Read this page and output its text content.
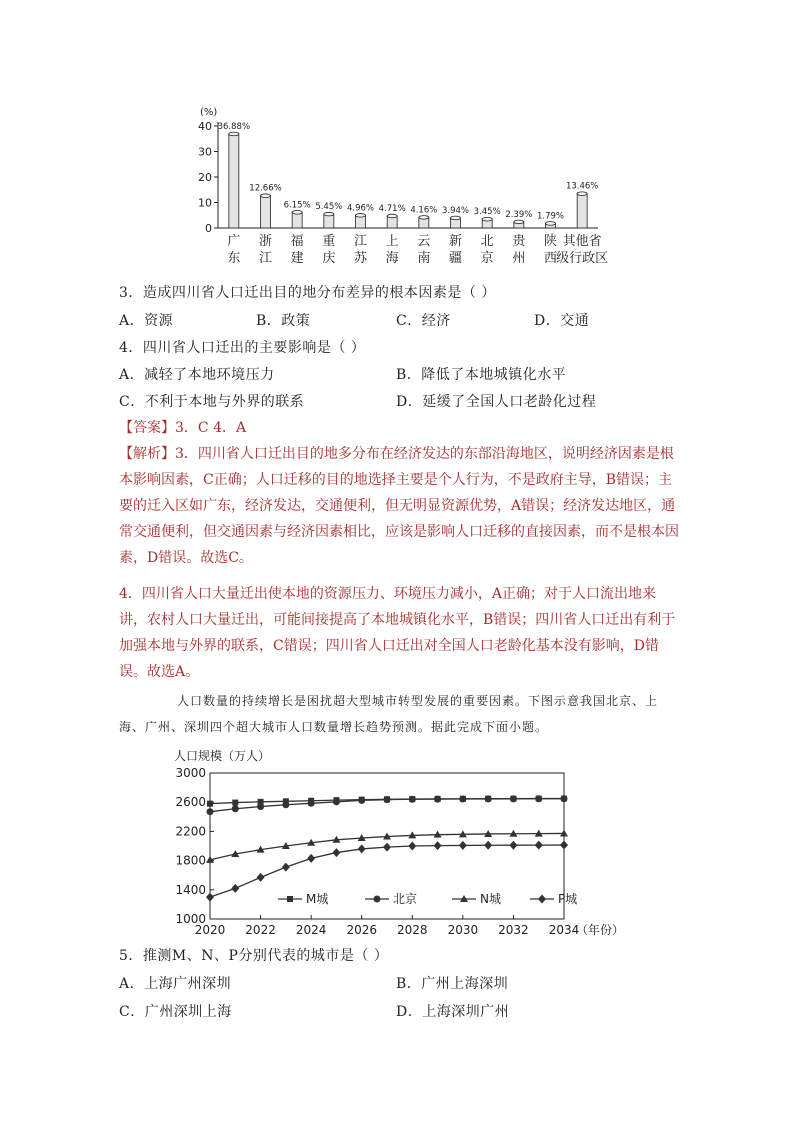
(%)
40
30
20
10
0
36.88%
广
东
12.66%
浙
江
6.15%
福
建
5.45%
重
庆
4.96%
江
苏
4.71%
上
海
4.16%
云
南
3.94%
新
疆
3.45%
北
京
2.39%
贵
州
1.79%
陕
西
13.46%
其他省
级行政区
3．造成四川省人口迁出目的地分布差异的根本因素是（ ）
A．资源	B．政策	C．经济	D．交通
4．四川省人口迁出的主要影响是（ ）
A．减轻了本地环境压力	B．降低了本地城镇化水平
C．不利于本地与外界的联系	D．延缓了全国人口老龄化过程
【答案】3．C 4．A
【解析】3．四川省人口迁出目的地多分布在经济发达的东部沿海地区，说明经济因素是根本影响因素，C正确；人口迁移的目的地选择主要是个人行为，不是政府主导，B错误；主要的迁入区如广东，经济发达，交通便利，但无明显资源优势，A错误；经济发达地区，通常交通便利，但交通因素与经济因素相比，应该是影响人口迁移的直接因素，而不是根本因素，D错误。故选C。
4．四川省人口大量迁出使本地的资源压力、环境压力减小，A正确；对于人口流出地来讲，农村人口大量迁出，可能间接提高了本地城镇化水平，B错误；四川省人口迁出有利于加强本地与外界的联系，C错误；四川省人口迁出对全国人口老龄化基本没有影响，D错误。故选A。
人口数量的持续增长是困扰超大型城市转型发展的重要因素。下图示意我国北京、上海、广州、深圳四个超大城市人口数量增长趋势预测。据此完成下面小题。
人口规模（万人）
1000
1400
1800
2200
2600
3000
2020 2022 2024 2026 2028 2030 2032 2034
（年份）
M城	北京	N城	P城
5．推测M、N、P分别代表的城市是（ ）
A．上海广州深圳	B．广州上海深圳
C．广州深圳上海	D．上海深圳广州
